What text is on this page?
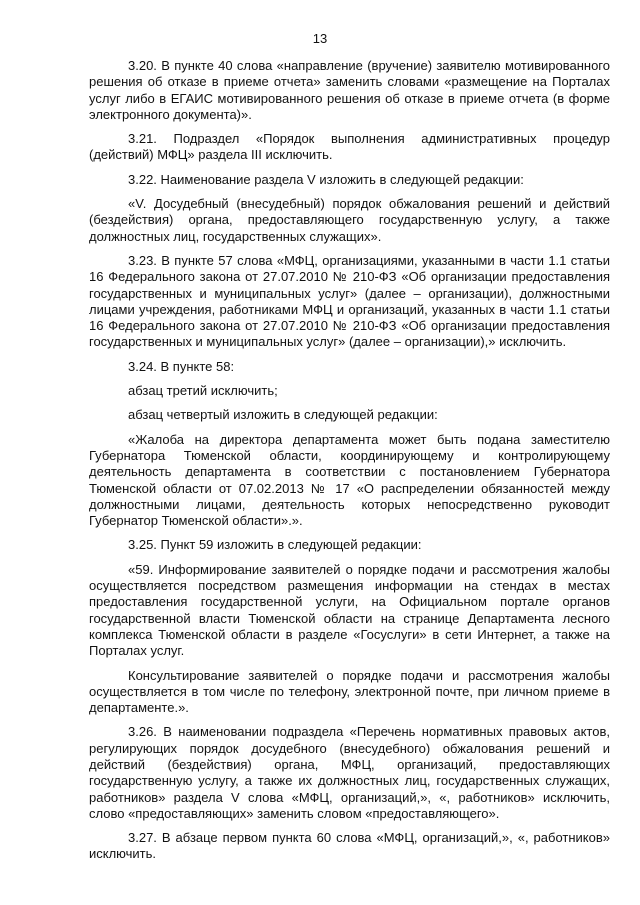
13

3.20. В пункте 40 слова «направление (вручение) заявителю мотивированного решения об отказе в приеме отчета» заменить словами «размещение на Порталах услуг либо в ЕГАИС мотивированного решения об отказе в приеме отчета (в форме электронного документа)».

3.21. Подраздел «Порядок выполнения административных процедур (действий) МФЦ» раздела III исключить.

3.22. Наименование раздела V изложить в следующей редакции:

«V. Досудебный (внесудебный) порядок обжалования решений и действий (бездействия) органа, предоставляющего государственную услугу, а также должностных лиц, государственных служащих».

3.23. В пункте 57 слова «МФЦ, организациями, указанными в части 1.1 статьи 16 Федерального закона от 27.07.2010 № 210-ФЗ «Об организации предоставления государственных и муниципальных услуг» (далее – организации), должностными лицами учреждения, работниками МФЦ и организаций, указанных в части 1.1 статьи 16 Федерального закона от 27.07.2010 № 210-ФЗ «Об организации предоставления государственных и муниципальных услуг» (далее – организации),» исключить.

3.24. В пункте 58:

абзац третий исключить;

абзац четвертый изложить в следующей редакции:

«Жалоба на директора департамента может быть подана заместителю Губернатора Тюменской области, координирующему и контролирующему деятельность департамента в соответствии с постановлением Губернатора Тюменской области от 07.02.2013 № 17 «О распределении обязанностей между должностными лицами, деятельность которых непосредственно руководит Губернатор Тюменской области».».

3.25. Пункт 59 изложить в следующей редакции:

«59. Информирование заявителей о порядке подачи и рассмотрения жалобы осуществляется посредством размещения информации на стендах в местах предоставления государственной услуги, на Официальном портале органов государственной власти Тюменской области на странице Департамента лесного комплекса Тюменской области в разделе «Госуслуги» в сети Интернет, а также на Порталах услуг.

Консультирование заявителей о порядке подачи и рассмотрения жалобы осуществляется в том числе по телефону, электронной почте, при личном приеме в департаменте.».

3.26. В наименовании подраздела «Перечень нормативных правовых актов, регулирующих порядок досудебного (внесудебного) обжалования решений и действий (бездействия) органа, МФЦ, организаций, предоставляющих государственную услугу, а также их должностных лиц, государственных служащих, работников» раздела V слова «МФЦ, организаций,», «, работников» исключить, слово «предоставляющих» заменить словом «предоставляющего».

3.27. В абзаце первом пункта 60 слова «МФЦ, организаций,», «, работников» исключить.
